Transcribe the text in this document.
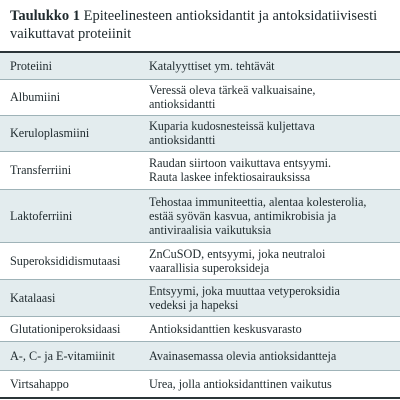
Taulukko 1 Epiteelinesteen antioksidantit ja antoksidatiivisesti vaikuttavat proteiinit
Proteiini	Katalyyttiset ym. tehtävät
Albumiini	Veressä oleva tärkeä valkuaisaine,
antioksidantti
Keruloplasmiini	Kuparia kudosnesteissä kuljettava
antioksidantti
Transferriini	Raudan siirtoon vaikuttava entsyymi.
Rauta laskee infektiosairauksissa
Laktoferriini	Tehostaa immuniteettia, alentaa kolesterolia,
estää syövän kasvua, antimikrobisia ja
antiviraalisia vaikutuksia
Superoksididismutaasi	ZnCuSOD, entsyymi, joka neutraloi
vaarallisia superoksideja
Katalaasi	Entsyymi, joka muuttaa vetyperoksidia
vedeksi ja hapeksi
Glutationiperoksidaasi	Antioksidanttien keskusvarasto
A-, C- ja E-vitamiinit	Avainasemassa olevia antioksidantteja
Virtsahappo	Urea, jolla antioksidanttinen vaikutus
